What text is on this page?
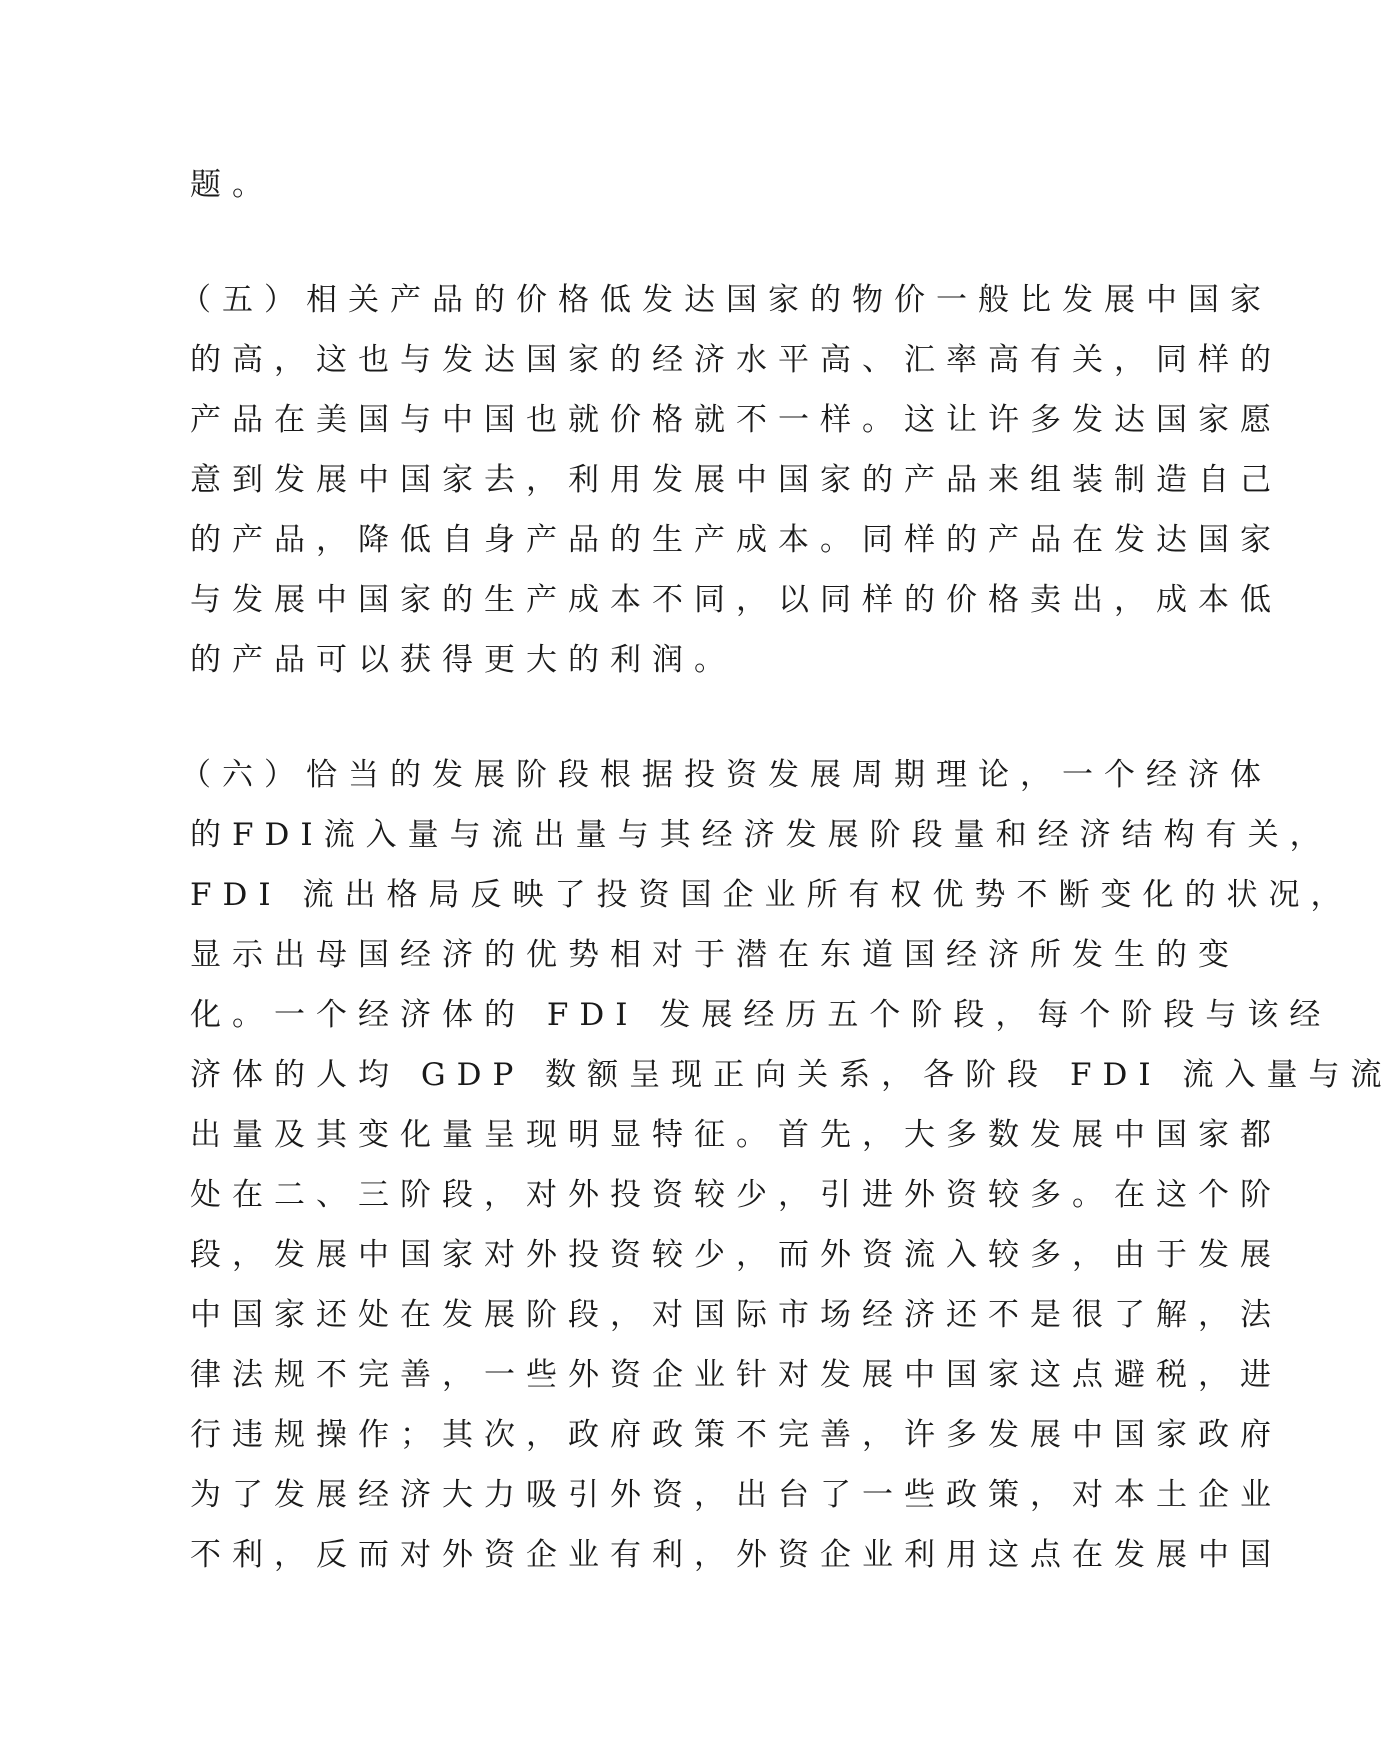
题。
（五）相关产品的价格低发达国家的物价一般比发展中国家
的高，这也与发达国家的经济水平高、汇率高有关，同样的
产品在美国与中国也就价格就不一样。这让许多发达国家愿
意到发展中国家去，利用发展中国家的产品来组装制造自己
的产品，降低自身产品的生产成本。同样的产品在发达国家
与发展中国家的生产成本不同，以同样的价格卖出，成本低
的产品可以获得更大的利润。
（六）恰当的发展阶段根据投资发展周期理论，一个经济体
的FDI流入量与流出量与其经济发展阶段量和经济结构有关，
FDI 流出格局反映了投资国企业所有权优势不断变化的状况，
显示出母国经济的优势相对于潜在东道国经济所发生的变
化。一个经济体的 FDI 发展经历五个阶段，每个阶段与该经
济体的人均 GDP 数额呈现正向关系，各阶段 FDI 流入量与流
出量及其变化量呈现明显特征。首先，大多数发展中国家都
处在二、三阶段，对外投资较少，引进外资较多。在这个阶
段，发展中国家对外投资较少，而外资流入较多，由于发展
中国家还处在发展阶段，对国际市场经济还不是很了解，法
律法规不完善，一些外资企业针对发展中国家这点避税，进
行违规操作；其次，政府政策不完善，许多发展中国家政府
为了发展经济大力吸引外资，出台了一些政策，对本土企业
不利，反而对外资企业有利，外资企业利用这点在发展中国
